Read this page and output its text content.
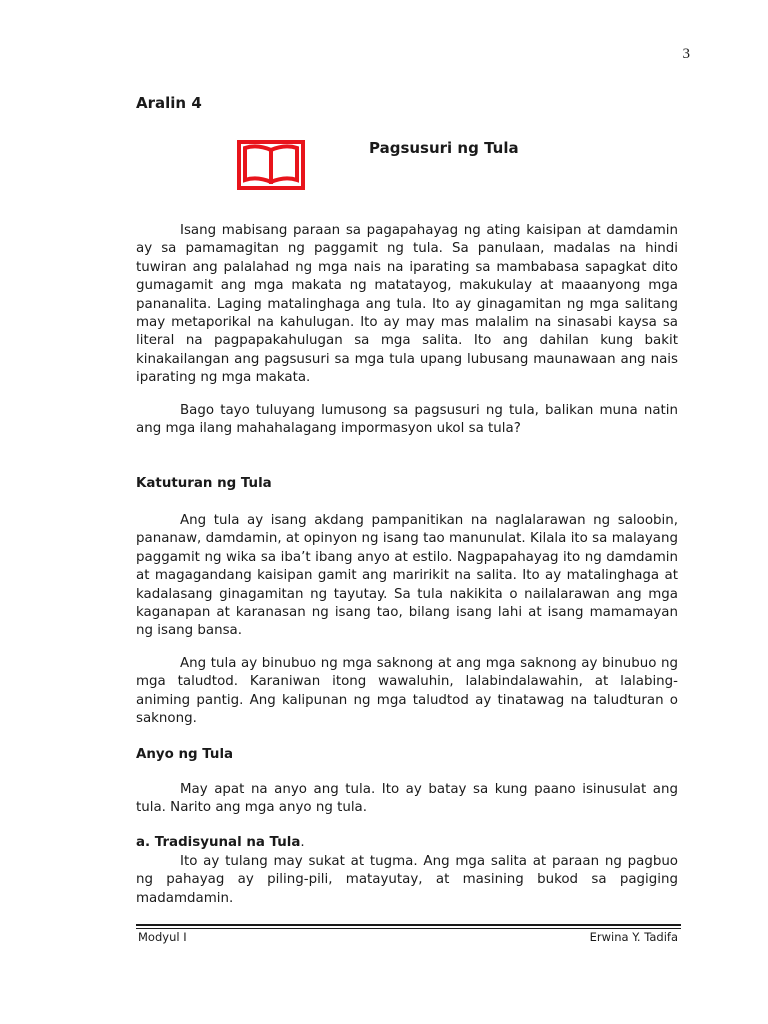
3
Aralin 4
Pagsusuri ng Tula

Isang mabisang paraan sa pagapahayag ng ating kaisipan at damdamin ay sa pamamagitan ng paggamit ng tula. Sa panulaan, madalas na hindi tuwiran ang palalahad ng mga nais na iparating sa mambabasa sapagkat dito gumagamit ang mga makata ng matatayog, makukulay at maaanyong mga pananalita. Laging matalinghaga ang tula. Ito ay ginagamitan ng mga salitang may metaporikal na kahulugan. Ito ay may mas malalim na sinasabi kaysa sa literal na pagpapakahulugan sa mga salita. Ito ang dahilan kung bakit kinakailangan ang pagsusuri sa mga tula upang lubusang maunawaan ang nais iparating ng mga makata.

Bago tayo tuluyang lumusong sa pagsusuri ng tula, balikan muna natin ang mga ilang mahahalagang impormasyon ukol sa tula?

Katuturan ng Tula

Ang tula ay isang akdang pampanitikan na naglalarawan ng saloobin, pananaw, damdamin, at opinyon ng isang tao manunulat. Kilala ito sa malayang paggamit ng wika sa iba’t ibang anyo at estilo. Nagpapahayag ito ng damdamin at magagandang kaisipan gamit ang maririkit na salita. Ito ay matalinghaga at kadalasang ginagamitan ng tayutay. Sa tula nakikita o nailalarawan ang mga kaganapan at karanasan ng isang tao, bilang isang lahi at isang mamamayan ng isang bansa.

Ang tula ay binubuo ng mga saknong at ang mga saknong ay binubuo ng mga taludtod. Karaniwan itong wawaluhin, lalabindalawahin, at lalabing-animing pantig. Ang kalipunan ng mga taludtod ay tinatawag na taludturan o saknong.

Anyo ng Tula

May apat na anyo ang tula. Ito ay batay sa kung paano isinusulat ang tula. Narito ang mga anyo ng tula.

a. Tradisyunal na Tula.

Ito ay tulang may sukat at tugma. Ang mga salita at paraan ng pagbuo ng pahayag ay piling-pili, matayutay, at masining bukod sa pagiging madamdamin.

Modyul I	Erwina Y. Tadifa
